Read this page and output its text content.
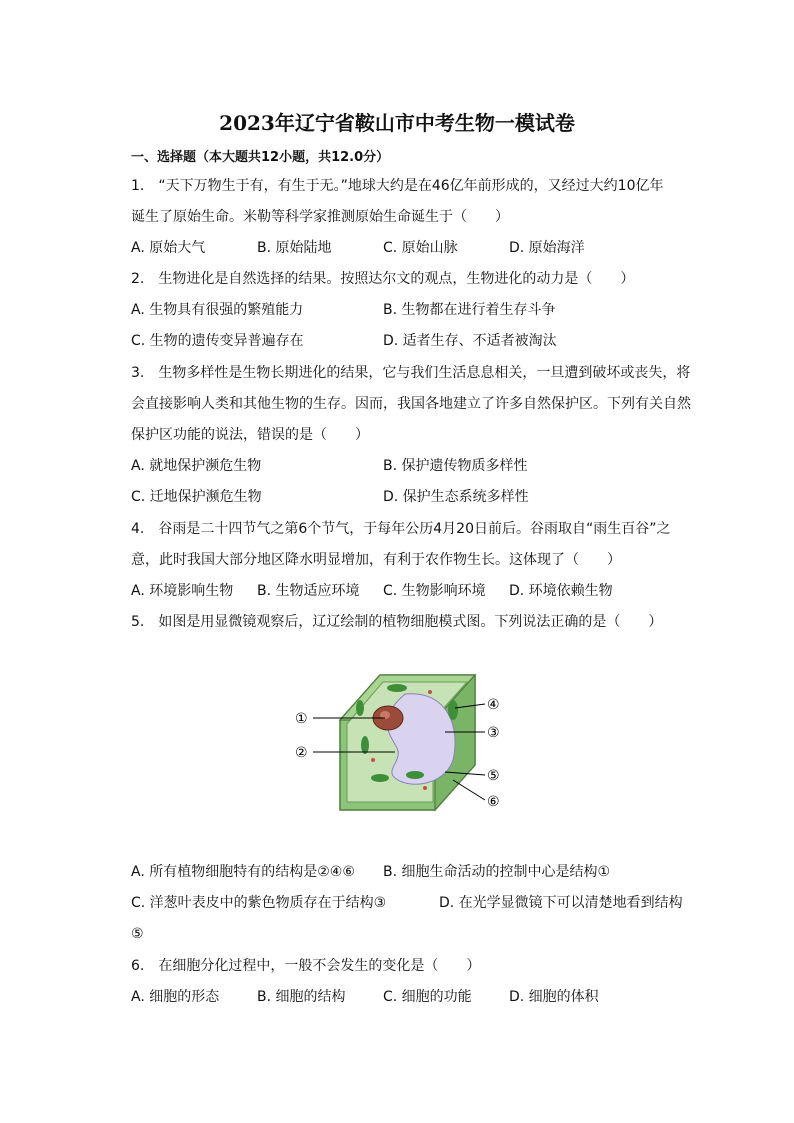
2023年辽宁省鞍山市中考生物一模试卷
一、选择题（本大题共12小题，共12.0分）
1.　“天下万物生于有，有生于无。”地球大约是在46亿年前形成的，又经过大约10亿年
诞生了原始生命。米勒等科学家推测原始生命诞生于（　　）
A. 原始大气	B. 原始陆地	C. 原始山脉	D. 原始海洋
2.　生物进化是自然选择的结果。按照达尔文的观点，生物进化的动力是（　　）
A. 生物具有很强的繁殖能力	B. 生物都在进行着生存斗争
C. 生物的遗传变异普遍存在	D. 适者生存、不适者被淘汰
3.　生物多样性是生物长期进化的结果，它与我们生活息息相关，一旦遭到破坏或丧失，将
会直接影响人类和其他生物的生存。因而，我国各地建立了许多自然保护区。下列有关自然
保护区功能的说法，错误的是（　　）
A. 就地保护濒危生物	B. 保护遗传物质多样性
C. 迁地保护濒危生物	D. 保护生态系统多样性
4.　谷雨是二十四节气之第6个节气，于每年公历4月20日前后。谷雨取自“雨生百谷”之
意，此时我国大部分地区降水明显增加，有利于农作物生长。这体现了（　　）
A. 环境影响生物 B. 生物适应环境 C. 生物影响环境 D. 环境依赖生物
5.　如图是用显微镜观察后，辽辽绘制的植物细胞模式图。下列说法正确的是（　　）
①
②
③
④
⑤
⑥
A. 所有植物细胞特有的结构是②④⑥ B. 细胞生命活动的控制中心是结构①
C. 洋葱叶表皮中的紫色物质存在于结构③	D. 在光学显微镜下可以清楚地看到结构
⑤
6.　在细胞分化过程中，一般不会发生的变化是（　　）
A. 细胞的形态	B. 细胞的结构	C. 细胞的功能	D. 细胞的体积
